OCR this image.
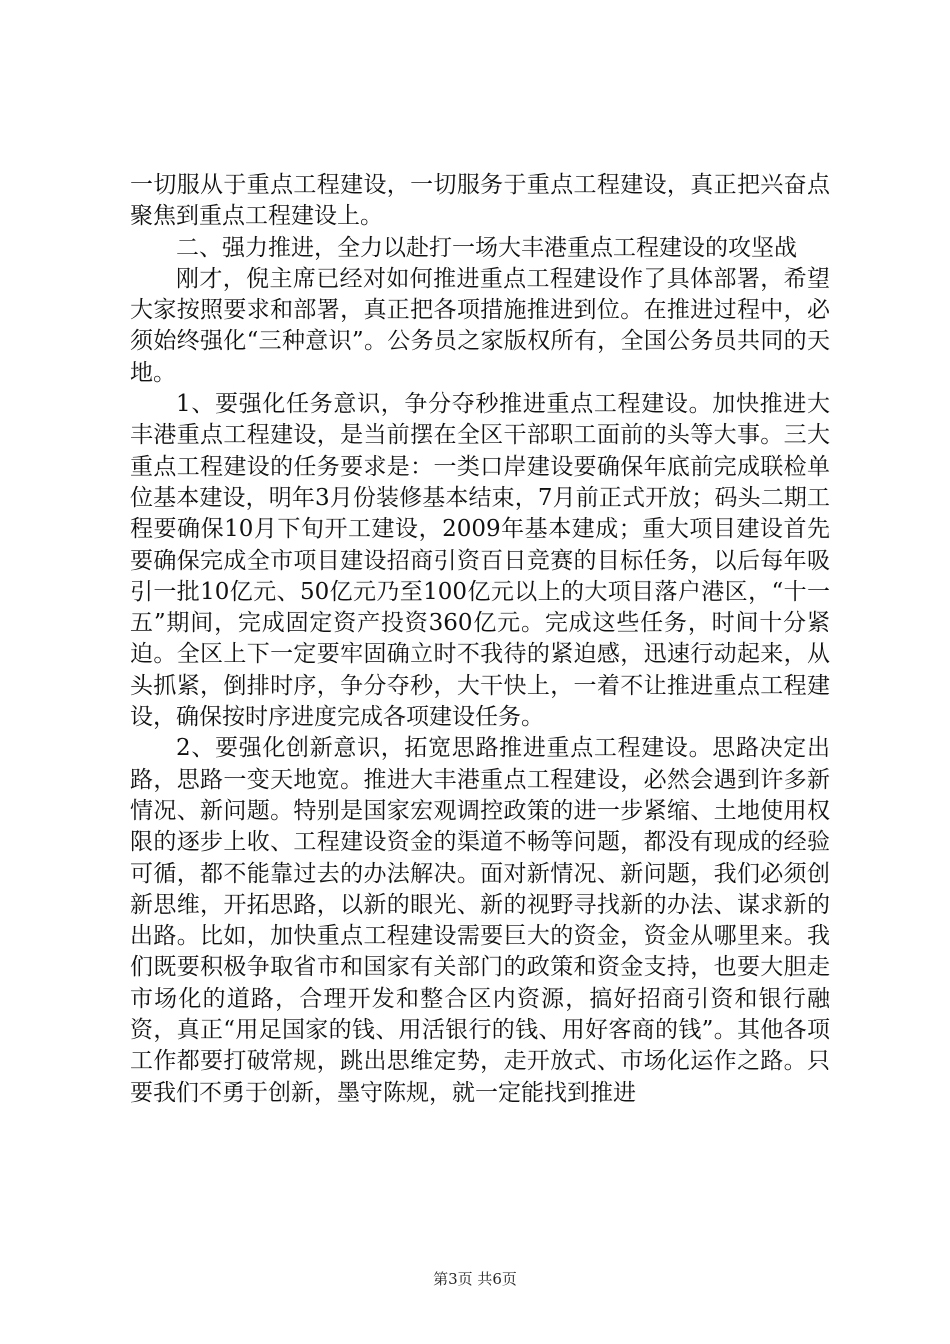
一切服从于重点工程建设，一切服务于重点工程建设，真正把兴奋点聚焦到重点工程建设上。

二、强力推进，全力以赴打一场大丰港重点工程建设的攻坚战

刚才，倪主席已经对如何推进重点工程建设作了具体部署，希望大家按照要求和部署，真正把各项措施推进到位。在推进过程中，必须始终强化“三种意识”。公务员之家版权所有，全国公务员共同的天地。

1、要强化任务意识，争分夺秒推进重点工程建设。加快推进大丰港重点工程建设，是当前摆在全区干部职工面前的头等大事。三大重点工程建设的任务要求是：一类口岸建设要确保年底前完成联检单位基本建设，明年3月份装修基本结束，7月前正式开放；码头二期工程要确保10月下旬开工建设，2009年基本建成；重大项目建设首先要确保完成全市项目建设招商引资百日竞赛的目标任务，以后每年吸引一批10亿元、50亿元乃至100亿元以上的大项目落户港区，“十一五”期间，完成固定资产投资360亿元。完成这些任务，时间十分紧迫。全区上下一定要牢固确立时不我待的紧迫感，迅速行动起来，从头抓紧，倒排时序，争分夺秒，大干快上，一着不让推进重点工程建设，确保按时序进度完成各项建设任务。

2、要强化创新意识，拓宽思路推进重点工程建设。思路决定出路，思路一变天地宽。推进大丰港重点工程建设，必然会遇到许多新情况、新问题。特别是国家宏观调控政策的进一步紧缩、土地使用权限的逐步上收、工程建设资金的渠道不畅等问题，都没有现成的经验可循，都不能靠过去的办法解决。面对新情况、新问题，我们必须创新思维，开拓思路，以新的眼光、新的视野寻找新的办法、谋求新的出路。比如，加快重点工程建设需要巨大的资金，资金从哪里来。我们既要积极争取省市和国家有关部门的政策和资金支持，也要大胆走市场化的道路，合理开发和整合区内资源，搞好招商引资和银行融资，真正“用足国家的钱、用活银行的钱、用好客商的钱”。其他各项工作都要打破常规，跳出思维定势，走开放式、市场化运作之路。只要我们不勇于创新，墨守陈规，就一定能找到推进

第3页 共6页
